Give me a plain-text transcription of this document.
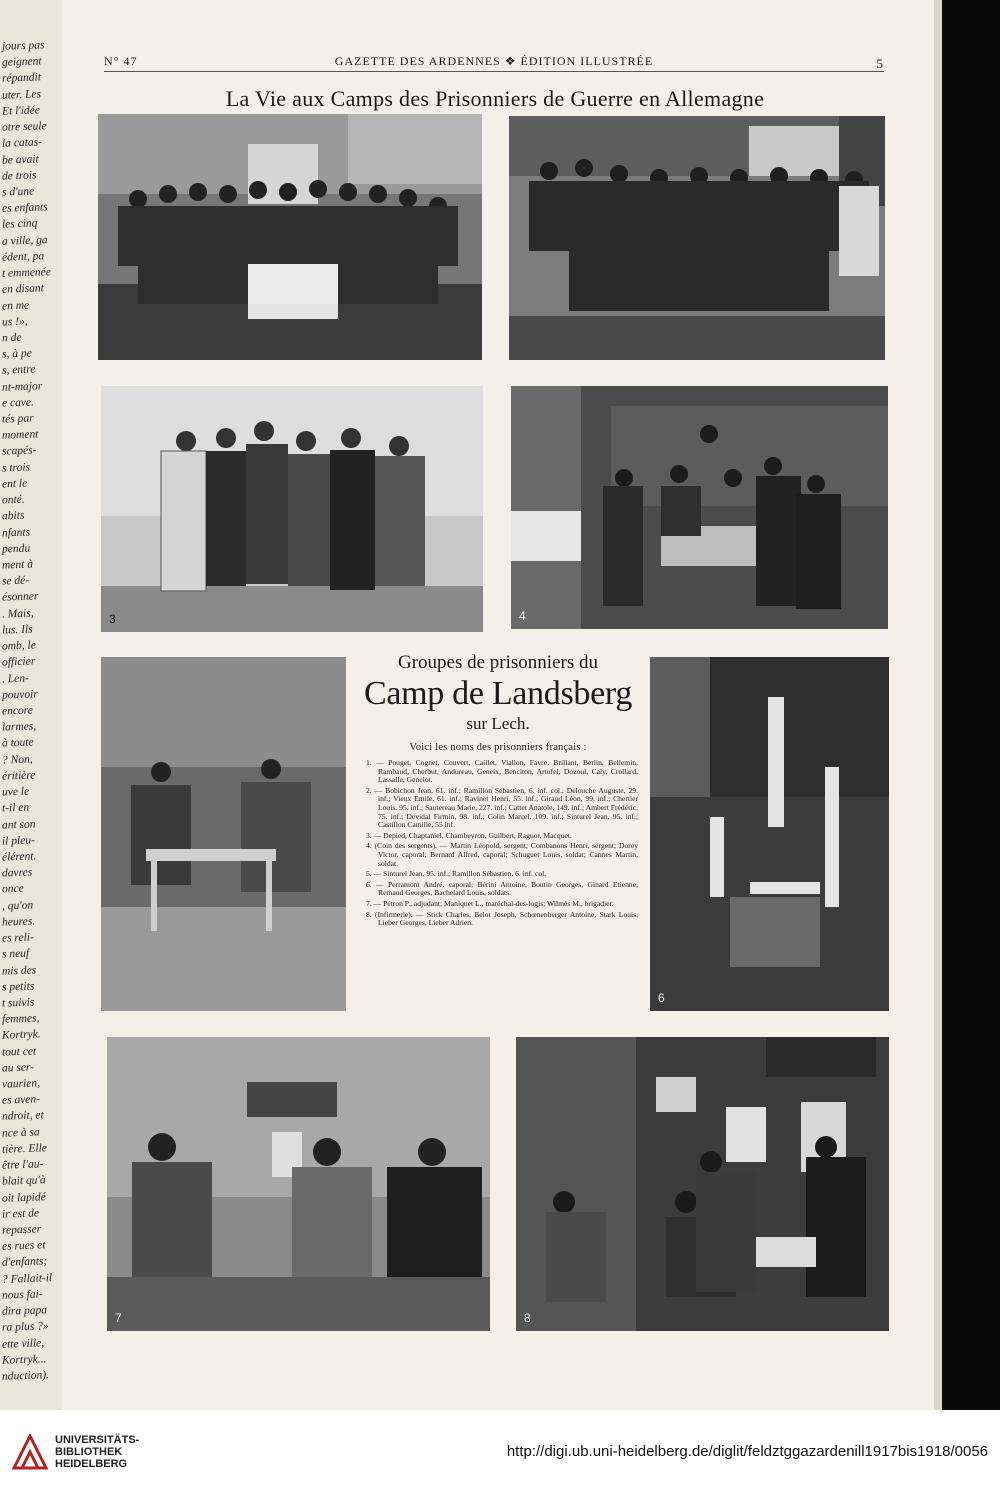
jours pas
geignent
répandit
uter. Les
Et l'idée
otre seule
la catas-
be avait
de trois
s d'une
es enfants
les cinq
a ville, ga
édent, pa
t emmenée
en disant
en me
us !»,
n de
s, à pe
s, entre
nt-major
e cave.
tés par
moment
scapés-
s trois
ent le
onté.
abits
nfants
pendu
ment à
se dé-
ésonner
. Mais,
lus. Ils
omb, le
officier
. Len-
pouvoir
encore
larmes,
à toute
? Non,
éritière
uve le
t-il en
ant son
il pleu-
élérent.
davres
once
, qu'on
heures.
es reli-
s neuf
mis des
s petits
t suivis
femmes,
Kortryk.
tout cet
au ser-
vaurien,
es aven-
ndroit, et
nce à sa
tière. Elle
être l'au-
blait qu'à
oit lapidé
ir est de
repasser
es rues et
d'enfants;
? Fallait-il
nous fai-
dira papa
ra plus ?»
ette ville,
Kortryk...
nduction).
N° 47	GAZETTE DES ARDENNES ❖ ÉDITION ILLUSTRÉE	5
La Vie aux Camps des Prisonniers de Guerre en Allemagne
3	4
6
Groupes de prisonniers du
Camp de Landsberg
sur Lech.
Voici les noms des prisonniers français :
1. — Pouget, Cognet, Couvert, Caillet, Viallon, Favre, Brillant, Berlin, Bellemin, Rambaud, Cherbut, Andureau, Geneix, Benciton, Artufel, Dozoul, Caly, Crollard, Lassalle, Genclot.
2. — Bobichon Jean, 61. inf.; Ramillon Sébastien, 6. inf. col., Delouche Auguste, 29. inf.; Vieux Emile, 61. inf.; Ravinet Henri, 55. inf.; Giraud Léon, 99. inf.; Chertier Louis, 95. inf.; Sautereau Marie, 227. inf.; Cattet Anatole, 149. inf.; Ambert Frédéric, 75. inf.; Devidal Firmin, 98. inf.; Colin Marcel, 109. inf.; Sinturel Jean, 95. inf.; Castillon Camille, 55 inf.
3. — Depied, Chaptaniel, Chambeyron, Guilbert, Raguot, Macquet.
4. (Coin des sergents). — Martin Léopold, sergent; Combanons Henri, sergent; Dorey Victor, caporal; Bernard Alfred, caporal; Schuguet Louis, soldat; Cannes Martin, soldat.
5. — Sinturel Jean, 95. inf.; Ramillon Sébastien, 6. inf. col.
6. — Perramont André, caporal; Bérini Antoine, Boutin Georges, Ginard Etienne, Remaud Georges, Bachelard Louis, soldats.
7. — Pétron P., adjudant; Maniquet L., maréchal-des-logis; Wilmès M., brigadier.
8. (Infirmerie). — Stick Charles, Belot Joseph, Schœnenberger Antoine, Stark Louis, Lieber Georges, Lieber Adrien.
7	8
UNIVERSITÄTS-
BIBLIOTHEK
HEIDELBERG
http://digi.ub.uni-heidelberg.de/diglit/feldztggazardenill1917bis1918/0056
